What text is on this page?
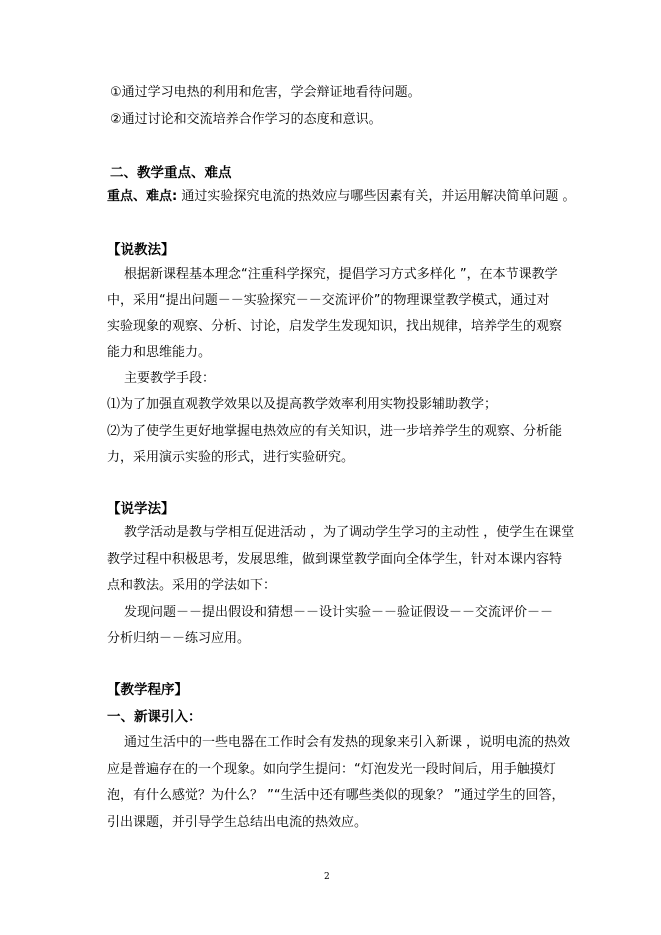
①通过学习电热的利用和危害，学会辩证地看待问题。
②通过讨论和交流培养合作学习的态度和意识。
二、教学重点、难点
重点、难点: 通过实验探究电流的热效应与哪些因素有关，并运用解决简单问题 。
【说教法】
根据新课程基本理念“注重科学探究，提倡学习方式多样化 ”，在本节课教学
中，采用“提出问题－－实验探究－－交流评价”的物理课堂教学模式，通过对
实验现象的观察、分析、讨论，启发学生发现知识，找出规律，培养学生的观察
能力和思维能力。
主要教学手段：
⑴为了加强直观教学效果以及提高教学效率利用实物投影辅助教学；
⑵为了使学生更好地掌握电热效应的有关知识，进一步培养学生的观察、分析能
力，采用演示实验的形式，进行实验研究。
【说学法】
教学活动是教与学相互促进活动 ，为了调动学生学习的主动性 ，使学生在课堂
教学过程中积极思考，发展思维，做到课堂教学面向全体学生，针对本课内容特
点和教法。采用的学法如下：
发现问题－－提出假设和猜想－－设计实验－－验证假设－－交流评价－－
分析归纳－－练习应用。
【教学程序】
一、新课引入：
通过生活中的一些电器在工作时会有发热的现象来引入新课 ，说明电流的热效
应是普遍存在的一个现象。如向学生提问：“灯泡发光一段时间后，用手触摸灯
泡，有什么感觉？为什么？ ”“生活中还有哪些类似的现象？ ”通过学生的回答，
引出课题，并引导学生总结出电流的热效应。
2
